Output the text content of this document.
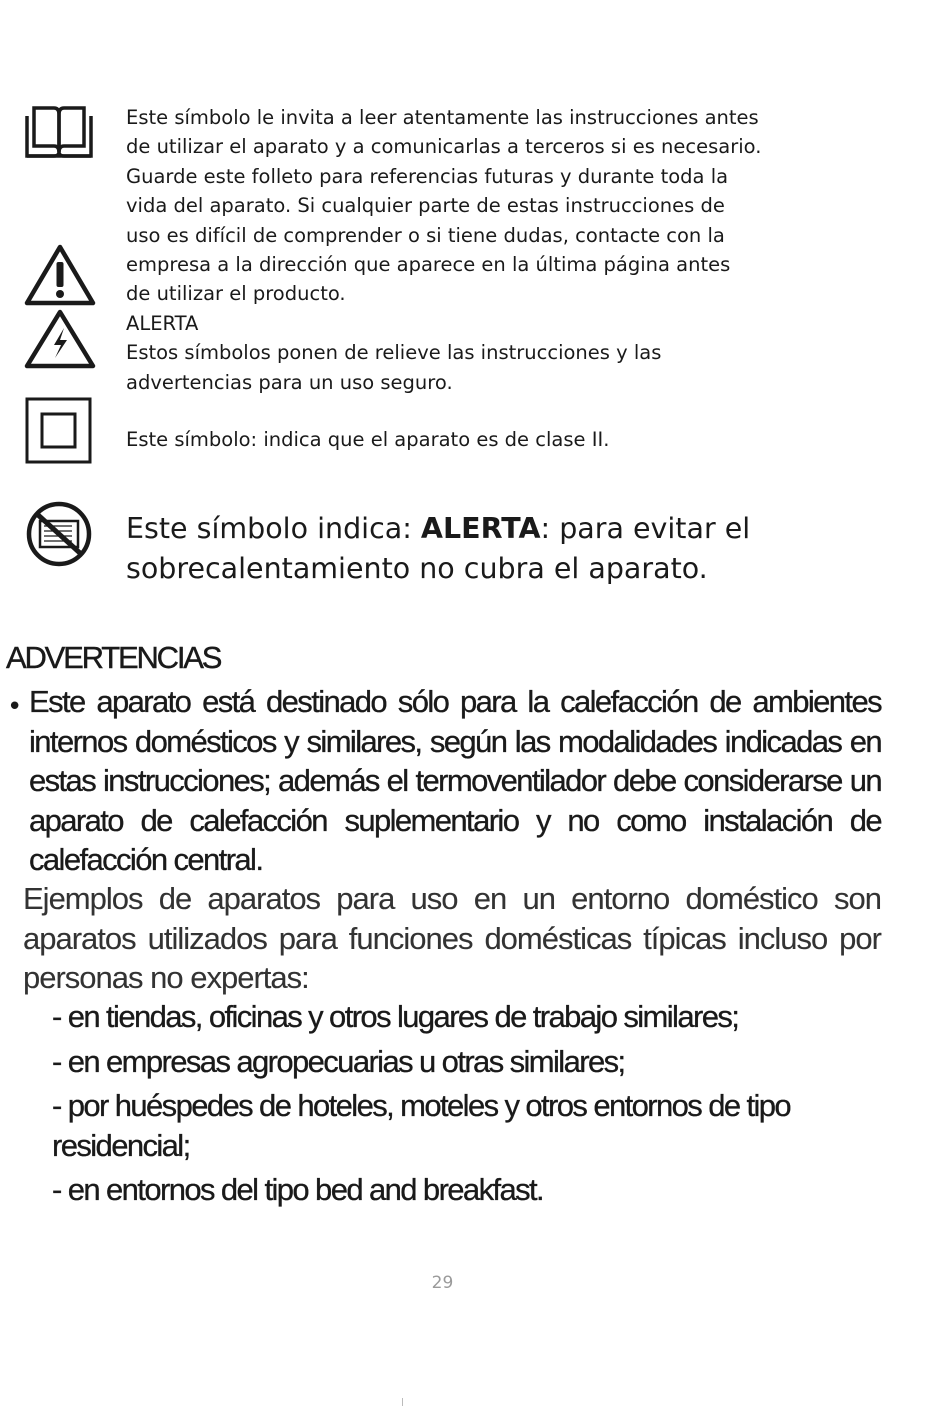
Este símbolo le invita a leer atentamente las instrucciones antes

de utilizar el aparato y a comunicarlas a terceros si es necesario.

Guarde este folleto para referencias futuras y durante toda la

vida del aparato. Si cualquier parte de estas instrucciones de

uso es difícil de comprender o si tiene dudas, contacte con la

empresa a la dirección que aparece en la última página antes

de utilizar el producto.

ALERTA

Estos símbolos ponen de relieve las instrucciones y las

advertencias para un uso seguro.

Este símbolo: indica que el aparato es de clase II.
Este símbolo indica: ALERTA: para evitar el
sobrecalentamiento no cubra el aparato.
ADVERTENCIAS
• Este aparato está destinado sólo para la calefacción de ambientes internos domésticos y similares, según las modalidades indicadas en estas instrucciones; además el termoventilador debe considerarse un aparato de calefacción suplementario y no como instalación de calefacción central.

Ejemplos de aparatos para uso en un entorno doméstico son aparatos utilizados para funciones domésticas típicas incluso por personas no expertas:

- en tiendas, oficinas y otros lugares de trabajo similares;
- en empresas agropecuarias u otras similares;
- por huéspedes de hoteles, moteles y otros entornos de tipo residencial;
- en entornos del tipo bed and breakfast.
29
